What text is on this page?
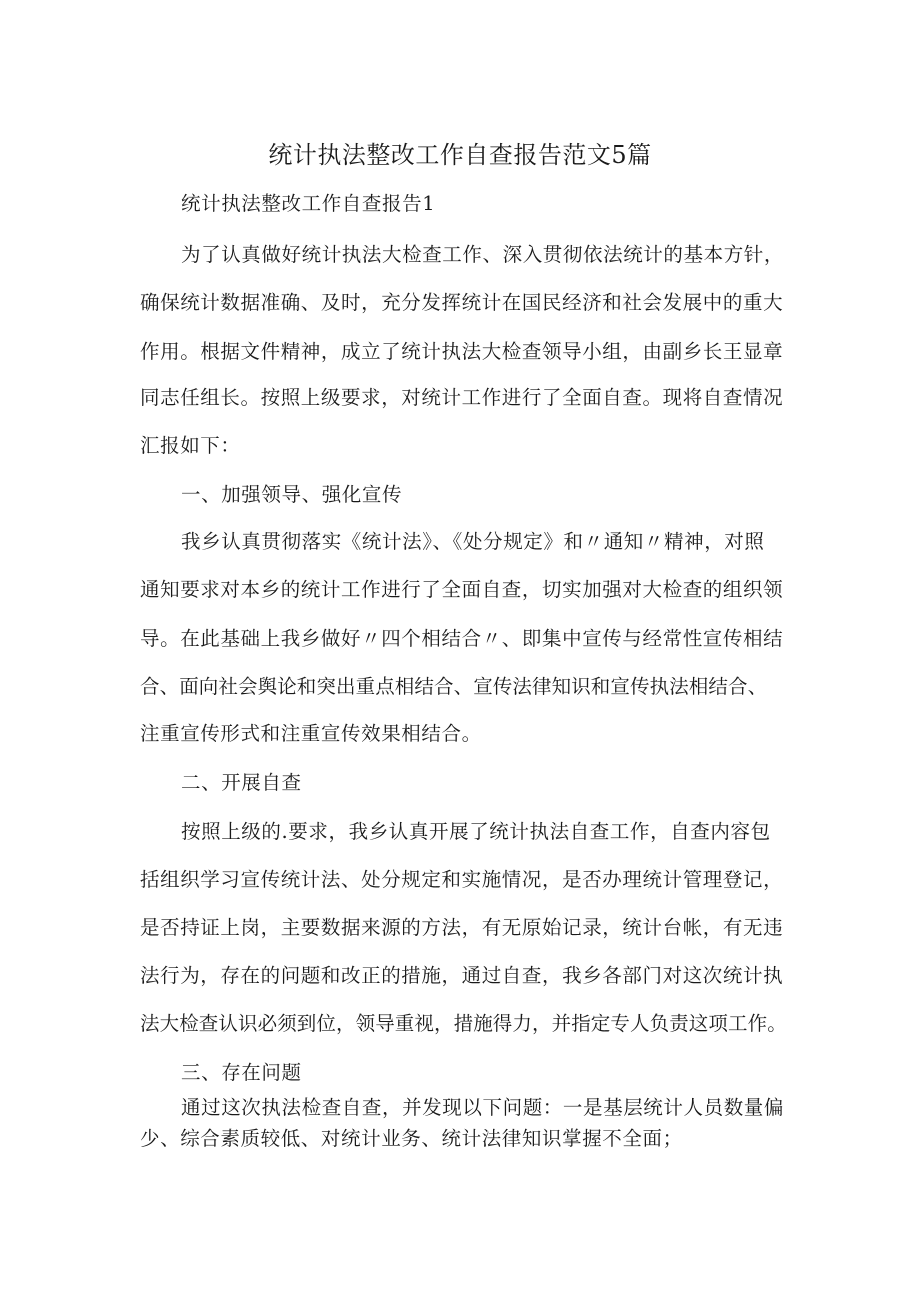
统计执法整改工作自查报告范文5篇

统计执法整改工作自查报告1

为了认真做好统计执法大检查工作、深入贯彻依法统计的基本方针，

确保统计数据准确、及时，充分发挥统计在国民经济和社会发展中的重大

作用。根据文件精神，成立了统计执法大检查领导小组，由副乡长王显章

同志任组长。按照上级要求，对统计工作进行了全面自查。现将自查情况

汇报如下：

一、加强领导、强化宣传

我乡认真贯彻落实《统计法》、《处分规定》和〃通知〃精神，对照

通知要求对本乡的统计工作进行了全面自查，切实加强对大检查的组织领

导。在此基础上我乡做好〃四个相结合〃、即集中宣传与经常性宣传相结

合、面向社会舆论和突出重点相结合、宣传法律知识和宣传执法相结合、

注重宣传形式和注重宣传效果相结合。

二、开展自查

按照上级的.要求，我乡认真开展了统计执法自查工作，自查内容包

括组织学习宣传统计法、处分规定和实施情况，是否办理统计管理登记，

是否持证上岗，主要数据来源的方法，有无原始记录，统计台帐，有无违

法行为，存在的问题和改正的措施，通过自查，我乡各部门对这次统计执

法大检查认识必须到位，领导重视，措施得力，并指定专人负责这项工作。

三、存在问题

通过这次执法检查自查，并发现以下问题：一是基层统计人员数量偏

少、综合素质较低、对统计业务、统计法律知识掌握不全面；
